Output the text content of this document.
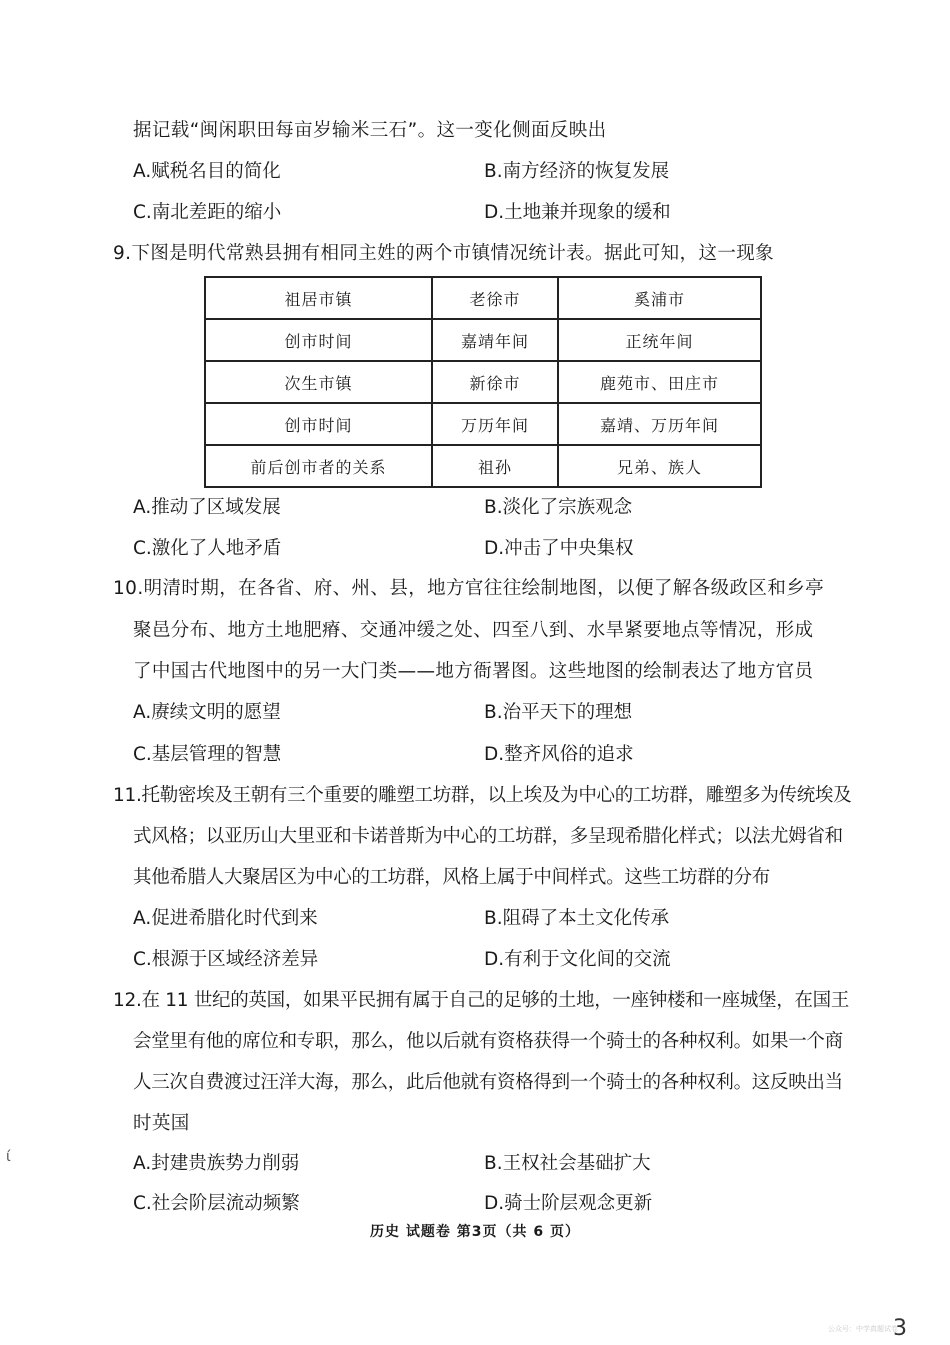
据记载“闽闲职田每亩岁输米三石”。这一变化侧面反映出
A.赋税名目的简化	B.南方经济的恢复发展
C.南北差距的缩小	D.土地兼并现象的缓和
9.下图是明代常熟县拥有相同主姓的两个市镇情况统计表。据此可知，这一现象
祖居市镇	老徐市	奚浦市
创市时间	嘉靖年间	正统年间
次生市镇	新徐市	鹿苑市、田庄市
创市时间	万历年间	嘉靖、万历年间
前后创市者的关系	祖孙	兄弟、族人
A.推动了区域发展	B.淡化了宗族观念
C.激化了人地矛盾	D.冲击了中央集权
10.明清时期，在各省、府、州、县，地方官往往绘制地图，以便了解各级政区和乡亭
聚邑分布、地方土地肥瘠、交通冲缓之处、四至八到、水旱紧要地点等情况，形成
了中国古代地图中的另一大门类——地方衙署图。这些地图的绘制表达了地方官员
A.赓续文明的愿望	B.治平天下的理想
C.基层管理的智慧	D.整齐风俗的追求
11.托勒密埃及王朝有三个重要的雕塑工坊群，以上埃及为中心的工坊群，雕塑多为传统埃及
式风格；以亚历山大里亚和卡诺普斯为中心的工坊群，多呈现希腊化样式；以法尤姆省和
其他希腊人大聚居区为中心的工坊群，风格上属于中间样式。这些工坊群的分布
A.促进希腊化时代到来	B.阻碍了本土文化传承
C.根源于区域经济差异	D.有利于文化间的交流
12.在 11 世纪的英国，如果平民拥有属于自己的足够的土地，一座钟楼和一座城堡，在国王
会堂里有他的席位和专职，那么，他以后就有资格获得一个骑士的各种权利。如果一个商
人三次自费渡过汪洋大海，那么，此后他就有资格得到一个骑士的各种权利。这反映出当
时英国
A.封建贵族势力削弱	B.王权社会基础扩大
C.社会阶层流动频繁	D.骑士阶层观念更新
ί
历史 试题卷 第3页（共 6 页）
公众号：中学真题试卷
3
